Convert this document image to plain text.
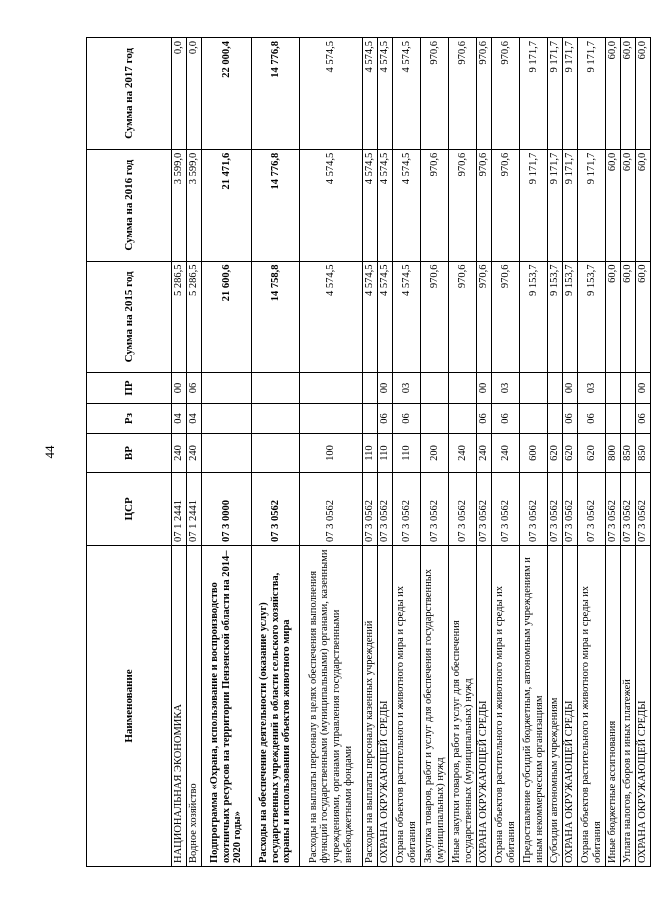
44
Наименование	ЦСР	ВР	Рз	ПР	Сумма на 2015 год	Сумма на 2016 год	Сумма на 2017 год
НАЦИОНАЛЬНАЯ ЭКОНОМИКА	07 1 2441	240	04	00	5 286,5	3 599,0	0,0
Водное хозяйство	07 1 2441	240	04	06	5 286,5	3 599,0	0,0
Подпрограмма «Охрана, использование и воспроизводство охотничьих ресурсов на территории Пензенской области на 2014–2020 годы»	07 3 0000				21 600,6	21 471,6	22 000,4
Расходы на обеспечение деятельности (оказание услуг) государственных учреждений в области сельского хозяйства, охраны и использования объектов животного мира	07 3 0562				14 758,8	14 776,8	14 776,8
Расходы на выплаты персоналу в целях обеспечения выполнения функций государственными (муниципальными) органами, казенными учреждениями, органами управления государственными внебюджетными фондами	07 3 0562	100			4 574,5	4 574,5	4 574,5
Расходы на выплаты персоналу казенных учреждений	07 3 0562	110			4 574,5	4 574,5	4 574,5
ОХРАНА ОКРУЖАЮЩЕЙ СРЕДЫ	07 3 0562	110	06	00	4 574,5	4 574,5	4 574,5
Охрана объектов растительного и животного мира и среды их обитания	07 3 0562	110	06	03	4 574,5	4 574,5	4 574,5
Закупка товаров, работ и услуг для обеспечения государственных (муниципальных) нужд	07 3 0562	200			970,6	970,6	970,6
Иные закупки товаров, работ и услуг для обеспечения государственных (муниципальных) нужд	07 3 0562	240			970,6	970,6	970,6
ОХРАНА ОКРУЖАЮЩЕЙ СРЕДЫ	07 3 0562	240	06	00	970,6	970,6	970,6
Охрана объектов растительного и животного мира и среды их обитания	07 3 0562	240	06	03	970,6	970,6	970,6
Предоставление субсидий бюджетным, автономным учреждениям и иным некоммерческим организациям	07 3 0562	600			9 153,7	9 171,7	9 171,7
Субсидии автономным учреждениям	07 3 0562	620			9 153,7	9 171,7	9 171,7
ОХРАНА ОКРУЖАЮЩЕЙ СРЕДЫ	07 3 0562	620	06	00	9 153,7	9 171,7	9 171,7
Охрана объектов растительного и животного мира и среды их обитания	07 3 0562	620	06	03	9 153,7	9 171,7	9 171,7
Иные бюджетные ассигнования	07 3 0562	800			60,0	60,0	60,0
Уплата налогов, сборов и иных платежей	07 3 0562	850			60,0	60,0	60,0
ОХРАНА ОКРУЖАЮЩЕЙ СРЕДЫ	07 3 0562	850	06	00	60,0	60,0	60,0
